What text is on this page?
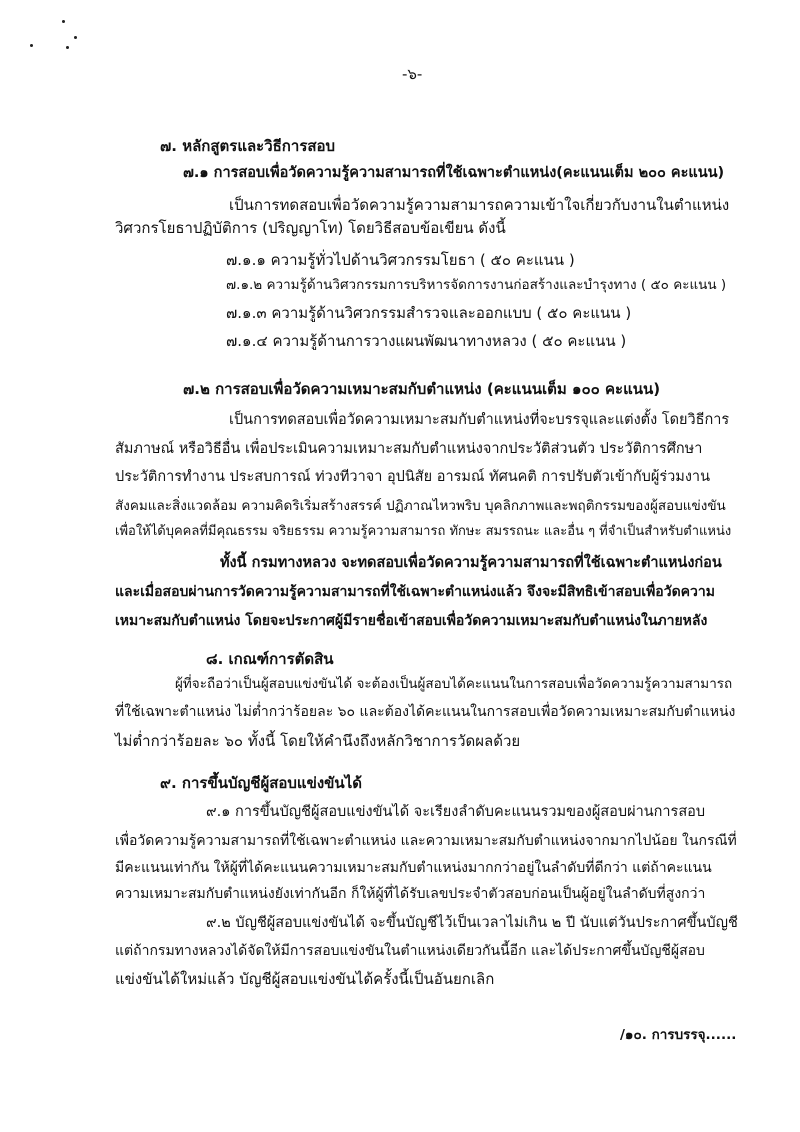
-๖-
๗. หลักสูตรและวิธีการสอบ
๗.๑ การสอบเพื่อวัดความรู้ความสามารถที่ใช้เฉพาะตำแหน่ง(คะแนนเต็ม ๒๐๐ คะแนน)
เป็นการทดสอบเพื่อวัดความรู้ความสามารถความเข้าใจเกี่ยวกับงานในตำแหน่ง
วิศวกรโยธาปฏิบัติการ (ปริญญาโท) โดยวิธีสอบข้อเขียน ดังนี้
๗.๑.๑ ความรู้ทั่วไปด้านวิศวกรรมโยธา ( ๕๐ คะแนน )
๗.๑.๒ ความรู้ด้านวิศวกรรมการบริหารจัดการงานก่อสร้างและบำรุงทาง ( ๕๐ คะแนน )
๗.๑.๓ ความรู้ด้านวิศวกรรมสำรวจและออกแบบ ( ๕๐ คะแนน )
๗.๑.๔ ความรู้ด้านการวางแผนพัฒนาทางหลวง ( ๕๐ คะแนน )
๗.๒ การสอบเพื่อวัดความเหมาะสมกับตำแหน่ง (คะแนนเต็ม ๑๐๐ คะแนน)
เป็นการทดสอบเพื่อวัดความเหมาะสมกับตำแหน่งที่จะบรรจุและแต่งตั้ง โดยวิธีการ
สัมภาษณ์ หรือวิธีอื่น เพื่อประเมินความเหมาะสมกับตำแหน่งจากประวัติส่วนตัว ประวัติการศึกษา
ประวัติการทำงาน ประสบการณ์ ท่วงทีวาจา อุปนิสัย อารมณ์ ทัศนคติ การปรับตัวเข้ากับผู้ร่วมงาน
สังคมและสิ่งแวดล้อม ความคิดริเริ่มสร้างสรรค์ ปฏิภาณไหวพริบ บุคลิกภาพและพฤติกรรมของผู้สอบแข่งขัน
เพื่อให้ได้บุคคลที่มีคุณธรรม จริยธรรม ความรู้ความสามารถ ทักษะ สมรรถนะ และอื่น ๆ ที่จำเป็นสำหรับตำแหน่ง
ทั้งนี้ กรมทางหลวง จะทดสอบเพื่อวัดความรู้ความสามารถที่ใช้เฉพาะตำแหน่งก่อน
และเมื่อสอบผ่านการวัดความรู้ความสามารถที่ใช้เฉพาะตำแหน่งแล้ว จึงจะมีสิทธิเข้าสอบเพื่อวัดความ
เหมาะสมกับตำแหน่ง โดยจะประกาศผู้มีรายชื่อเข้าสอบเพื่อวัดความเหมาะสมกับตำแหน่งในภายหลัง
๘. เกณฑ์การตัดสิน
ผู้ที่จะถือว่าเป็นผู้สอบแข่งขันได้ จะต้องเป็นผู้สอบได้คะแนนในการสอบเพื่อวัดความรู้ความสามารถ
ที่ใช้เฉพาะตำแหน่ง ไม่ต่ำกว่าร้อยละ ๖๐ และต้องได้คะแนนในการสอบเพื่อวัดความเหมาะสมกับตำแหน่ง
ไม่ต่ำกว่าร้อยละ ๖๐ ทั้งนี้ โดยให้คำนึงถึงหลักวิชาการวัดผลด้วย
๙. การขึ้นบัญชีผู้สอบแข่งขันได้
๙.๑ การขึ้นบัญชีผู้สอบแข่งขันได้ จะเรียงลำดับคะแนนรวมของผู้สอบผ่านการสอบ
เพื่อวัดความรู้ความสามารถที่ใช้เฉพาะตำแหน่ง และความเหมาะสมกับตำแหน่งจากมากไปน้อย ในกรณีที่
มีคะแนนเท่ากัน ให้ผู้ที่ได้คะแนนความเหมาะสมกับตำแหน่งมากกว่าอยู่ในลำดับที่ดีกว่า แต่ถ้าคะแนน
ความเหมาะสมกับตำแหน่งยังเท่ากันอีก ก็ให้ผู้ที่ได้รับเลขประจำตัวสอบก่อนเป็นผู้อยู่ในลำดับที่สูงกว่า
๙.๒ บัญชีผู้สอบแข่งขันได้ จะขึ้นบัญชีไว้เป็นเวลาไม่เกิน ๒ ปี นับแต่วันประกาศขึ้นบัญชี
แต่ถ้ากรมทางหลวงได้จัดให้มีการสอบแข่งขันในตำแหน่งเดียวกันนี้อีก และได้ประกาศขึ้นบัญชีผู้สอบ
แข่งขันได้ใหม่แล้ว บัญชีผู้สอบแข่งขันได้ครั้งนี้เป็นอันยกเลิก
/๑๐. การบรรจุ......
